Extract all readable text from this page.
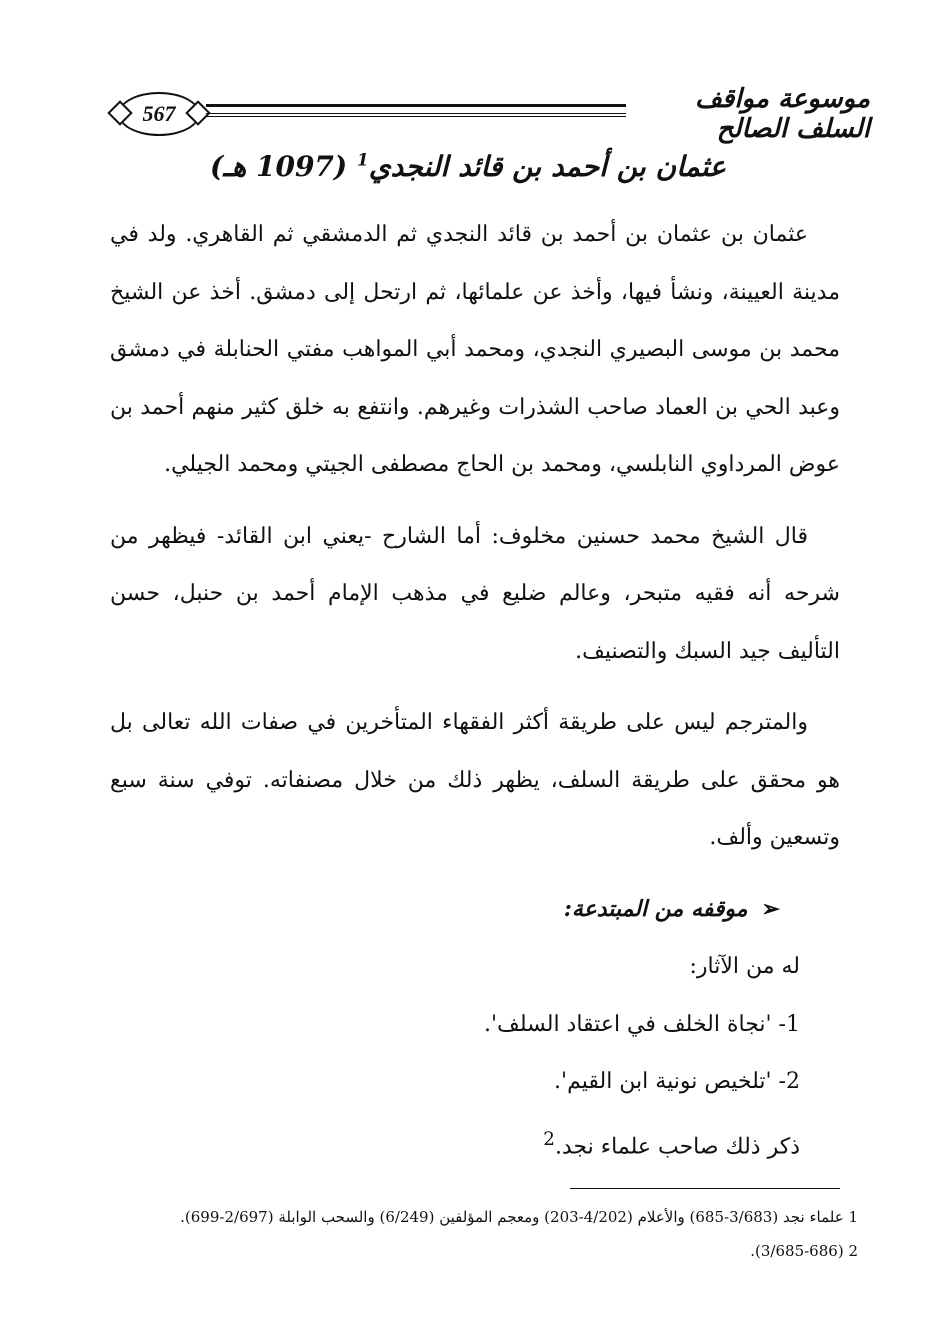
567	موسوعة مواقف السلف الصالح
عثمان بن أحمد بن قائد النجدي$^1$ (1097 هـ)

عثمان بن عثمان بن أحمد بن قائد النجدي ثم الدمشقي ثم القاهري. ولد في مدينة العيينة، ونشأ فيها، وأخذ عن علمائها، ثم ارتحل إلى دمشق. أخذ عن الشيخ محمد بن موسى البصيري النجدي، ومحمد أبي المواهب مفتي الحنابلة في دمشق وعبد الحي بن العماد صاحب الشذرات وغيرهم. وانتفع به خلق كثير منهم أحمد بن عوض المرداوي النابلسي، ومحمد بن الحاج مصطفى الجيتي ومحمد الجيلي.

قال الشيخ محمد حسنين مخلوف: أما الشارح -يعني ابن القائد- فيظهر من شرحه أنه فقيه متبحر، وعالم ضليع في مذهب الإمام أحمد بن حنبل، حسن التأليف جيد السبك والتصنيف.

والمترجم ليس على طريقة أكثر الفقهاء المتأخرين في صفات الله تعالى بل هو محقق على طريقة السلف، يظهر ذلك من خلال مصنفاته. توفي سنة سبع وتسعين وألف.

➢موقفه من المبتدعة:

له من الآثار:

1- 'نجاة الخلف في اعتقاد السلف'.

2- 'تلخيص نونية ابن القيم'.

ذكر ذلك صاحب علماء نجد.$^2$

1 علماء نجد (3/683-685) والأعلام (4/202-203) ومعجم المؤلفين (6/249) والسحب الوابلة (2/697-699).

2 (3/685-686).
